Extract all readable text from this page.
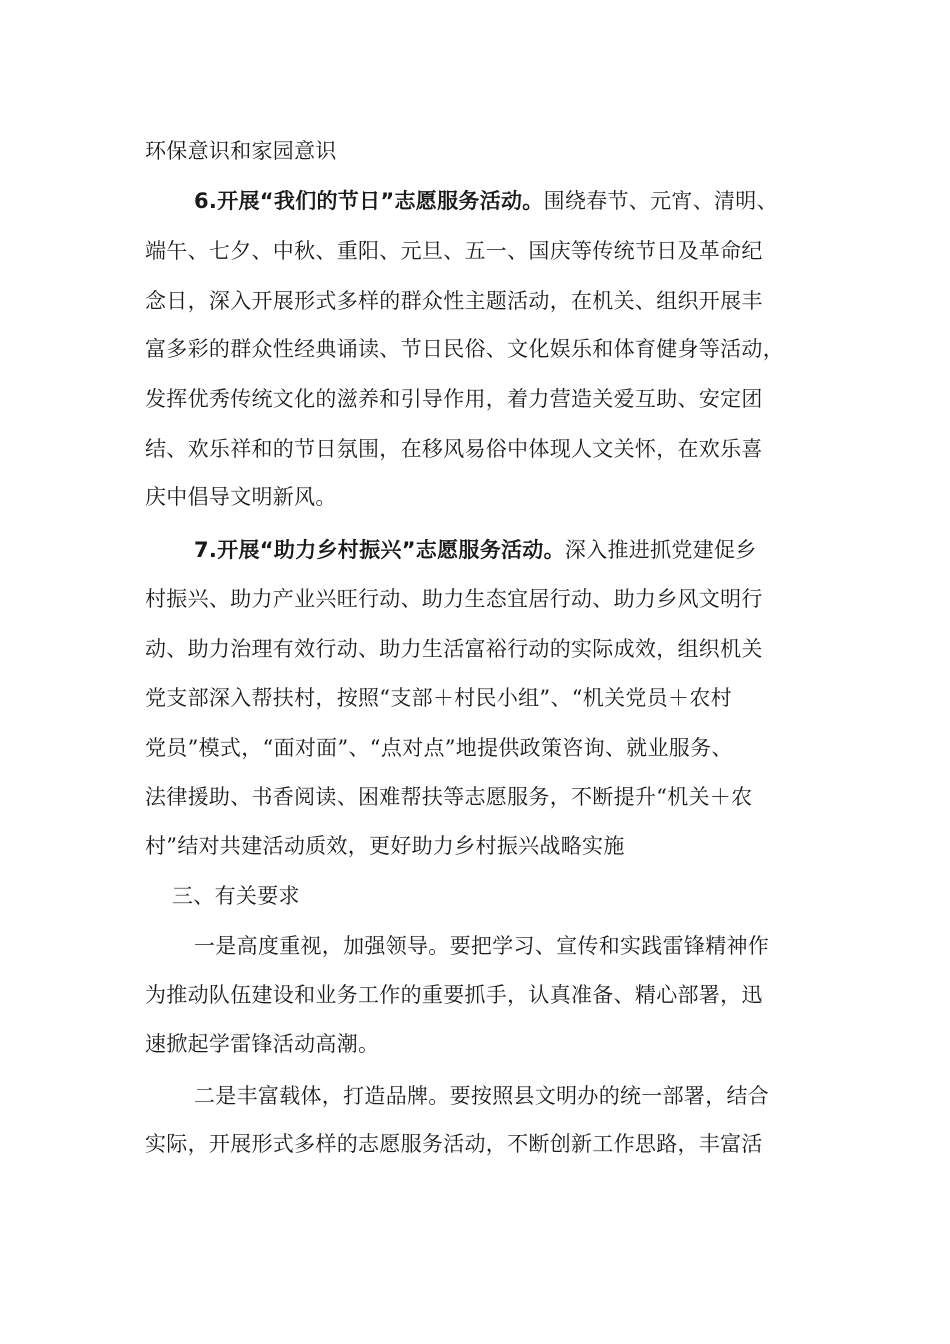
环保意识和家园意识
6.开展“我们的节日”志愿服务活动。围绕春节、元宵、清明、
端午、七夕、中秋、重阳、元旦、五一、国庆等传统节日及革命纪
念日，深入开展形式多样的群众性主题活动，在机关、组织开展丰
富多彩的群众性经典诵读、节日民俗、文化娱乐和体育健身等活动，
发挥优秀传统文化的滋养和引导作用，着力营造关爱互助、安定团
结、欢乐祥和的节日氛围，在移风易俗中体现人文关怀，在欢乐喜
庆中倡导文明新风。
7.开展“助力乡村振兴”志愿服务活动。深入推进抓党建促乡
村振兴、助力产业兴旺行动、助力生态宜居行动、助力乡风文明行
动、助力治理有效行动、助力生活富裕行动的实际成效，组织机关
党支部深入帮扶村，按照“支部＋村民小组”、“机关党员＋农村
党员”模式，“面对面”、“点对点”地提供政策咨询、就业服务、
法律援助、书香阅读、困难帮扶等志愿服务，不断提升“机关＋农
村”结对共建活动质效，更好助力乡村振兴战略实施
三、有关要求
一是高度重视，加强领导。要把学习、宣传和实践雷锋精神作
为推动队伍建设和业务工作的重要抓手，认真准备、精心部署，迅
速掀起学雷锋活动高潮。
二是丰富载体，打造品牌。要按照县文明办的统一部署，结合
实际，开展形式多样的志愿服务活动，不断创新工作思路，丰富活
